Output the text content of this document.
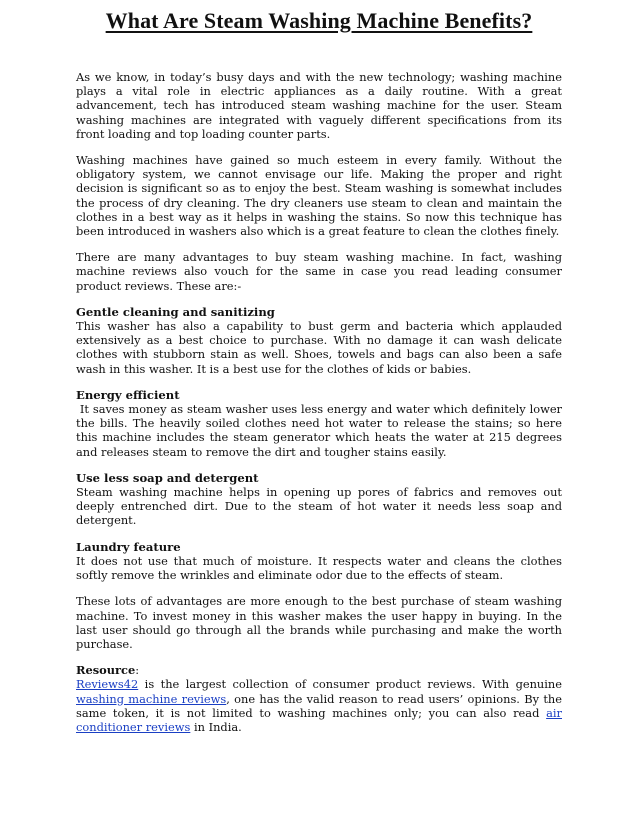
What Are Steam Washing Machine Benefits?

As we know, in today’s busy days and with the new technology; washing machine plays a vital role in electric appliances as a daily routine. With a great advancement, tech has introduced steam washing machine for the user. Steam washing machines are integrated with vaguely different specifications from its front loading and top loading counter parts.

Washing machines have gained so much esteem in every family. Without the obligatory system, we cannot envisage our life. Making the proper and right decision is significant so as to enjoy the best. Steam washing is somewhat includes the process of dry cleaning. The dry cleaners use steam to clean and maintain the clothes in a best way as it helps in washing the stains. So now this technique has been introduced in washers also which is a great feature to clean the clothes finely.

There are many advantages to buy steam washing machine. In fact, washing machine reviews also vouch for the same in case you read leading consumer product reviews. These are:-

Gentle cleaning and sanitizing
This washer has also a capability to bust germ and bacteria which applauded extensively as a best choice to purchase. With no damage it can wash delicate clothes with stubborn stain as well. Shoes, towels and bags can also been a safe wash in this washer. It is a best use for the clothes of kids or babies.
Energy efficient
It saves money as steam washer uses less energy and water which definitely lower the bills. The heavily soiled clothes need hot water to release the stains; so here this machine includes the steam generator which heats the water at 215 degrees and releases steam to remove the dirt and tougher stains easily.
Use less soap and detergent
Steam washing machine helps in opening up pores of fabrics and removes out deeply entrenched dirt. Due to the steam of hot water it needs less soap and detergent.
Laundry feature
It does not use that much of moisture. It respects water and cleans the clothes softly remove the wrinkles and eliminate odor due to the effects of steam.

These lots of advantages are more enough to the best purchase of steam washing machine. To invest money in this washer makes the user happy in buying. In the last user should go through all the brands while purchasing and make the worth purchase.

Resource:
Reviews42 is the largest collection of consumer product reviews. With genuine washing machine reviews, one has the valid reason to read users’ opinions. By the same token, it is not limited to washing machines only; you can also read air conditioner reviews in India.
